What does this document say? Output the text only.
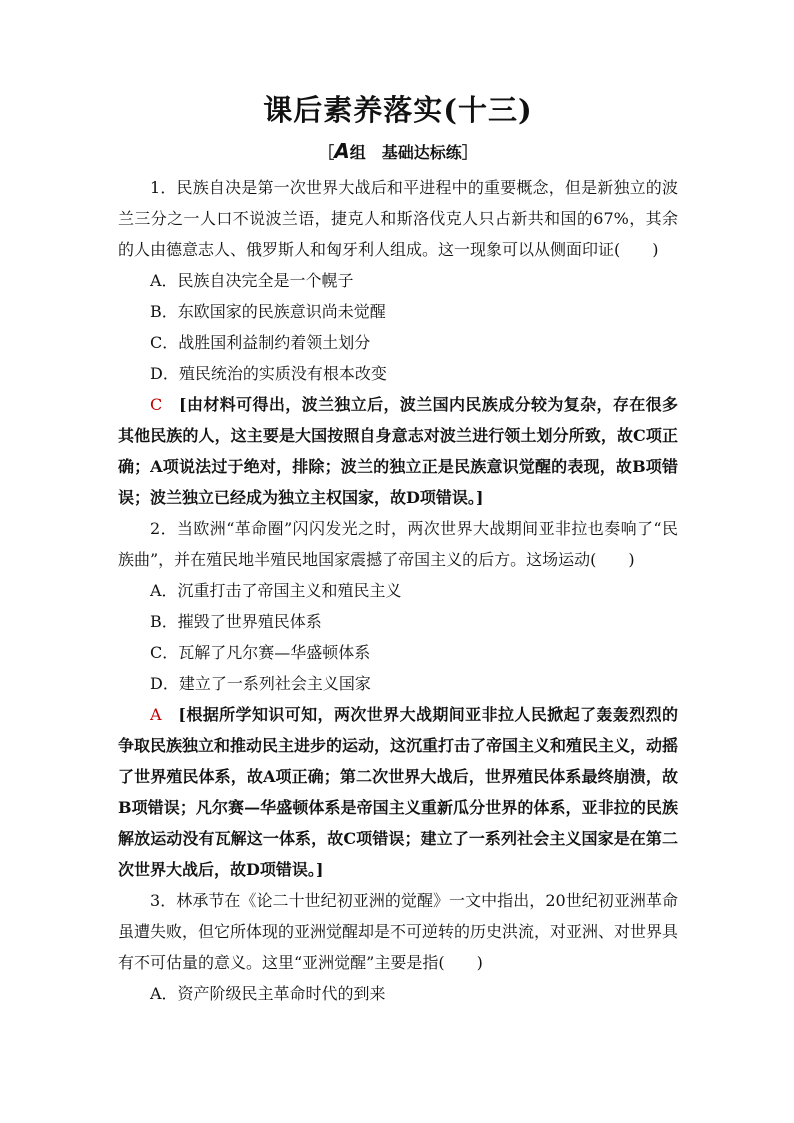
课后素养落实(十三)
［A组　基础达标练］

1．民族自决是第一次世界大战后和平进程中的重要概念，但是新独立的波兰三分之一人口不说波兰语，捷克人和斯洛伐克人只占新共和国的67%，其余的人由德意志人、俄罗斯人和匈牙利人组成。这一现象可以从侧面印证(　　)

A．民族自决完全是一个幌子

B．东欧国家的民族意识尚未觉醒

C．战胜国利益制约着领土划分

D．殖民统治的实质没有根本改变

C　[由材料可得出，波兰独立后，波兰国内民族成分较为复杂，存在很多其他民族的人，这主要是大国按照自身意志对波兰进行领土划分所致，故C项正确；A项说法过于绝对，排除；波兰的独立正是民族意识觉醒的表现，故B项错误；波兰独立已经成为独立主权国家，故D项错误。]

2．当欧洲“革命圈”闪闪发光之时，两次世界大战期间亚非拉也奏响了“民族曲”，并在殖民地半殖民地国家震撼了帝国主义的后方。这场运动(　　)

A．沉重打击了帝国主义和殖民主义

B．摧毁了世界殖民体系

C．瓦解了凡尔赛—华盛顿体系

D．建立了一系列社会主义国家

A　[根据所学知识可知，两次世界大战期间亚非拉人民掀起了轰轰烈烈的争取民族独立和推动民主进步的运动，这沉重打击了帝国主义和殖民主义，动摇了世界殖民体系，故A项正确；第二次世界大战后，世界殖民体系最终崩溃，故B项错误；凡尔赛—华盛顿体系是帝国主义重新瓜分世界的体系，亚非拉的民族解放运动没有瓦解这一体系，故C项错误；建立了一系列社会主义国家是在第二次世界大战后，故D项错误。]

3．林承节在《论二十世纪初亚洲的觉醒》一文中指出，20世纪初亚洲革命虽遭失败，但它所体现的亚洲觉醒却是不可逆转的历史洪流，对亚洲、对世界具有不可估量的意义。这里“亚洲觉醒”主要是指(　　)

A．资产阶级民主革命时代的到来
